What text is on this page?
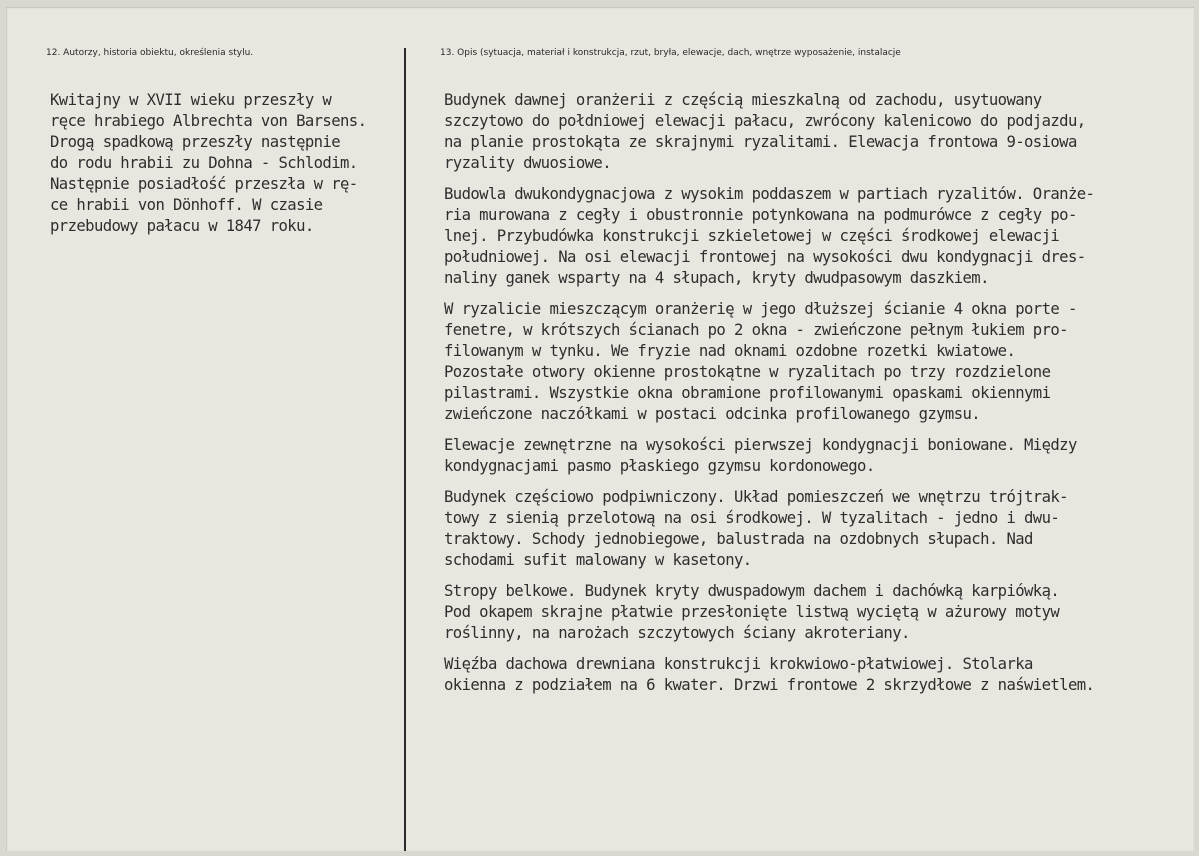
12. Autorzy, historia obiektu, określenia stylu.	13. Opis (sytuacja, materiał i konstrukcja, rzut, bryła, elewacje, dach, wnętrze wyposażenie, instalacje
Kwitajny w XVII wieku przeszły w
ręce hrabiego Albrechta von Barsens.
Drogą spadkową przeszły następnie
do rodu hrabii zu Dohna - Schlodim.
Następnie posiadłość przeszła w rę-
ce hrabii von Dönhoff. W czasie
przebudowy pałacu w 1847 roku.
Budynek dawnej oranżerii z częścią mieszkalną od zachodu, usytuowany
szczytowo do połdniowej elewacji pałacu, zwrócony kalenicowo do podjazdu,
na planie prostokąta ze skrajnymi ryzalitami. Elewacja frontowa 9-osiowa
ryzality dwuosiowe.
Budowla dwukondygnacjowa z wysokim poddaszem w partiach ryzalitów. Oranże-
ria murowana z cegły i obustronnie potynkowana na podmurówce z cegły po-
lnej. Przybudówka konstrukcji szkieletowej w części środkowej elewacji
południowej. Na osi elewacji frontowej na wysokości dwu kondygnacji dres-
naliny ganek wsparty na 4 słupach, kryty dwudpasowym daszkiem.
W ryzalicie mieszczącym oranżerię w jego dłuższej ścianie 4 okna porte -
fenetre, w krótszych ścianach po 2 okna - zwieńczone pełnym łukiem pro-
filowanym w tynku. We fryzie nad oknami ozdobne rozetki kwiatowe.
Pozostałe otwory okienne prostokątne w ryzalitach po trzy rozdzielone
pilastrami. Wszystkie okna obramione profilowanymi opaskami okiennymi
zwieńczone naczółkami w postaci odcinka profilowanego gzymsu.
Elewacje zewnętrzne na wysokości pierwszej kondygnacji boniowane. Między
kondygnacjami pasmo płaskiego gzymsu kordonowego.
Budynek częściowo podpiwniczony. Układ pomieszczeń we wnętrzu trójtrak-
towy z sienią przelotową na osi środkowej. W tyzalitach - jedno i dwu-
traktowy. Schody jednobiegowe, balustrada na ozdobnych słupach. Nad
schodami sufit malowany w kasetony.
Stropy belkowe. Budynek kryty dwuspadowym dachem i dachówką karpiówką.
Pod okapem skrajne płatwie przesłonięte listwą wyciętą w ażurowy motyw
roślinny, na narożach szczytowych ściany akroteriany.
Więźba dachowa drewniana konstrukcji krokwiowo-płatwiowej. Stolarka
okienna z podziałem na 6 kwater. Drzwi frontowe 2 skrzydłowe z naświetlem.
